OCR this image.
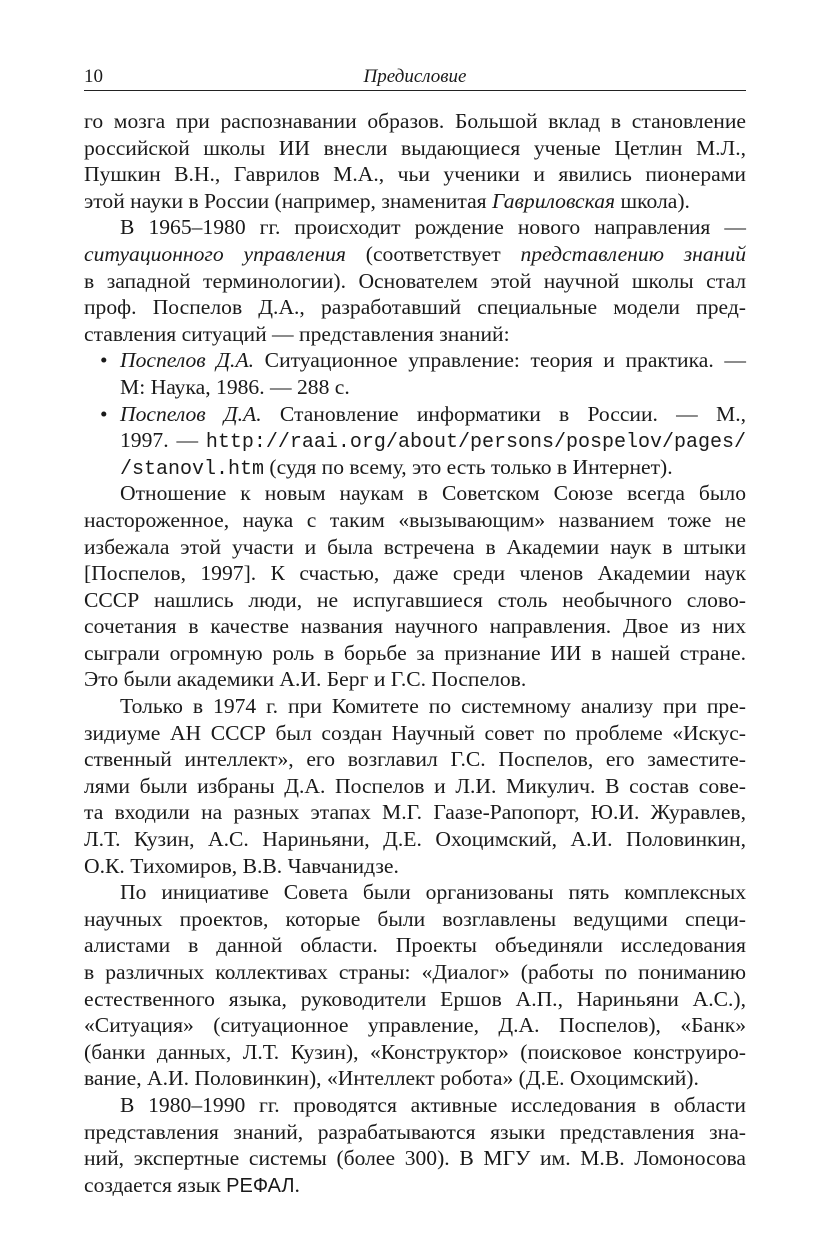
10	Предисловие
го мозга при распознавании образов. Большой вклад в становление
российской школы ИИ внесли выдающиеся ученые Цетлин М.Л.,
Пушкин В.Н., Гаврилов М.А., чьи ученики и явились пионерами
этой науки в России (например, знаменитая Гавриловская школа).
В 1965–1980 гг. происходит рождение нового направления —
ситуационного управления (соответствует представлению знаний
в западной терминологии). Основателем этой научной школы стал
проф. Поспелов Д.А., разработавший специальные модели пред-
ставления ситуаций — представления знаний:
• Поспелов Д.А. Ситуационное управление: теория и практика. —
М: Наука, 1986. — 288 с.
• Поспелов Д.А. Становление информатики в России. — М.,
1997. — http://raai.org/about/persons/pospelov/pages/
/stanovl.htm (судя по всему, это есть только в Интернет).
Отношение к новым наукам в Советском Союзе всегда было
настороженное, наука с таким «вызывающим» названием тоже не
избежала этой участи и была встречена в Академии наук в штыки
[Поспелов, 1997]. К счастью, даже среди членов Академии наук
СССР нашлись люди, не испугавшиеся столь необычного слово-
сочетания в качестве названия научного направления. Двое из них
сыграли огромную роль в борьбе за признание ИИ в нашей стране.
Это были академики А.И. Берг и Г.С. Поспелов.
Только в 1974 г. при Комитете по системному анализу при пре-
зидиуме АН СССР был создан Научный совет по проблеме «Искус-
ственный интеллект», его возглавил Г.С. Поспелов, его заместите-
лями были избраны Д.А. Поспелов и Л.И. Микулич. В состав сове-
та входили на разных этапах М.Г. Гаазе-Рапопорт, Ю.И. Журавлев,
Л.Т. Кузин, А.С. Нариньяни, Д.Е. Охоцимский, А.И. Половинкин,
О.К. Тихомиров, В.В. Чавчанидзе.
По инициативе Совета были организованы пять комплексных
научных проектов, которые были возглавлены ведущими специ-
алистами в данной области. Проекты объединяли исследования
в различных коллективах страны: «Диалог» (работы по пониманию
естественного языка, руководители Ершов А.П., Нариньяни А.С.),
«Ситуация» (ситуационное управление, Д.А. Поспелов), «Банк»
(банки данных, Л.Т. Кузин), «Конструктор» (поисковое конструиро-
вание, А.И. Половинкин), «Интеллект робота» (Д.Е. Охоцимский).
В 1980–1990 гг. проводятся активные исследования в области
представления знаний, разрабатываются языки представления зна-
ний, экспертные системы (более 300). В МГУ им. М.В. Ломоносова
создается язык РЕФАЛ.
